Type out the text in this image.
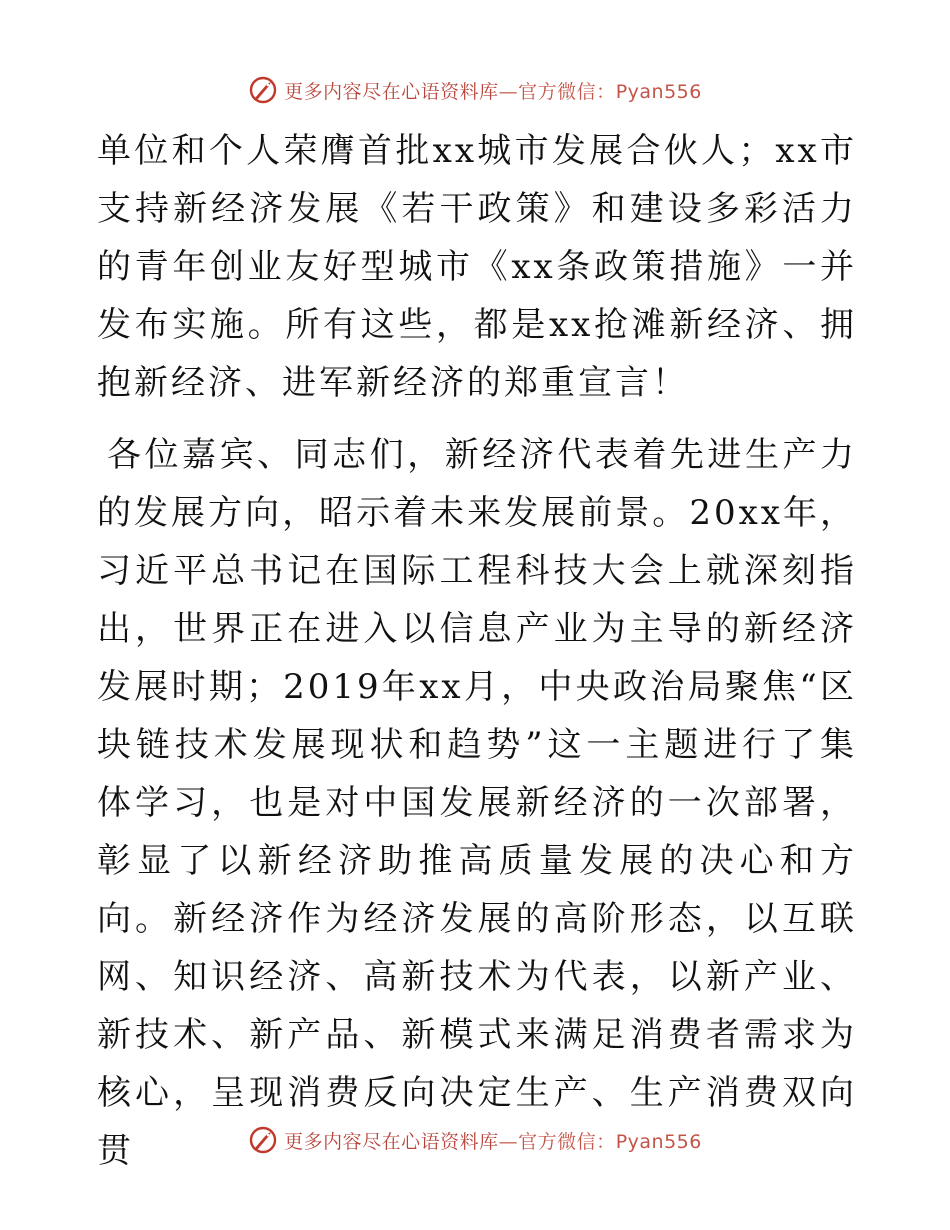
更多内容尽在心语资料库—官方微信：Pyan556

单位和个人荣膺首批xx城市发展合伙人；xx市支持新经济发展《若干政策》和建设多彩活力的青年创业友好型城市《xx条政策措施》一并发布实施。所有这些，都是xx抢滩新经济、拥抱新经济、进军新经济的郑重宣言！

各位嘉宾、同志们，新经济代表着先进生产力的发展方向，昭示着未来发展前景。20xx年，习近平总书记在国际工程科技大会上就深刻指出，世界正在进入以信息产业为主导的新经济发展时期；2019年xx月，中央政治局聚焦“区块链技术发展现状和趋势”这一主题进行了集体学习，也是对中国发展新经济的一次部署，彰显了以新经济助推高质量发展的决心和方向。新经济作为经济发展的高阶形态，以互联网、知识经济、高新技术为代表，以新产业、新技术、新产品、新模式来满足消费者需求为核心，呈现消费反向决定生产、生产消费双向贯	更多内容尽在心语资料库—官方微信：Pyan556
